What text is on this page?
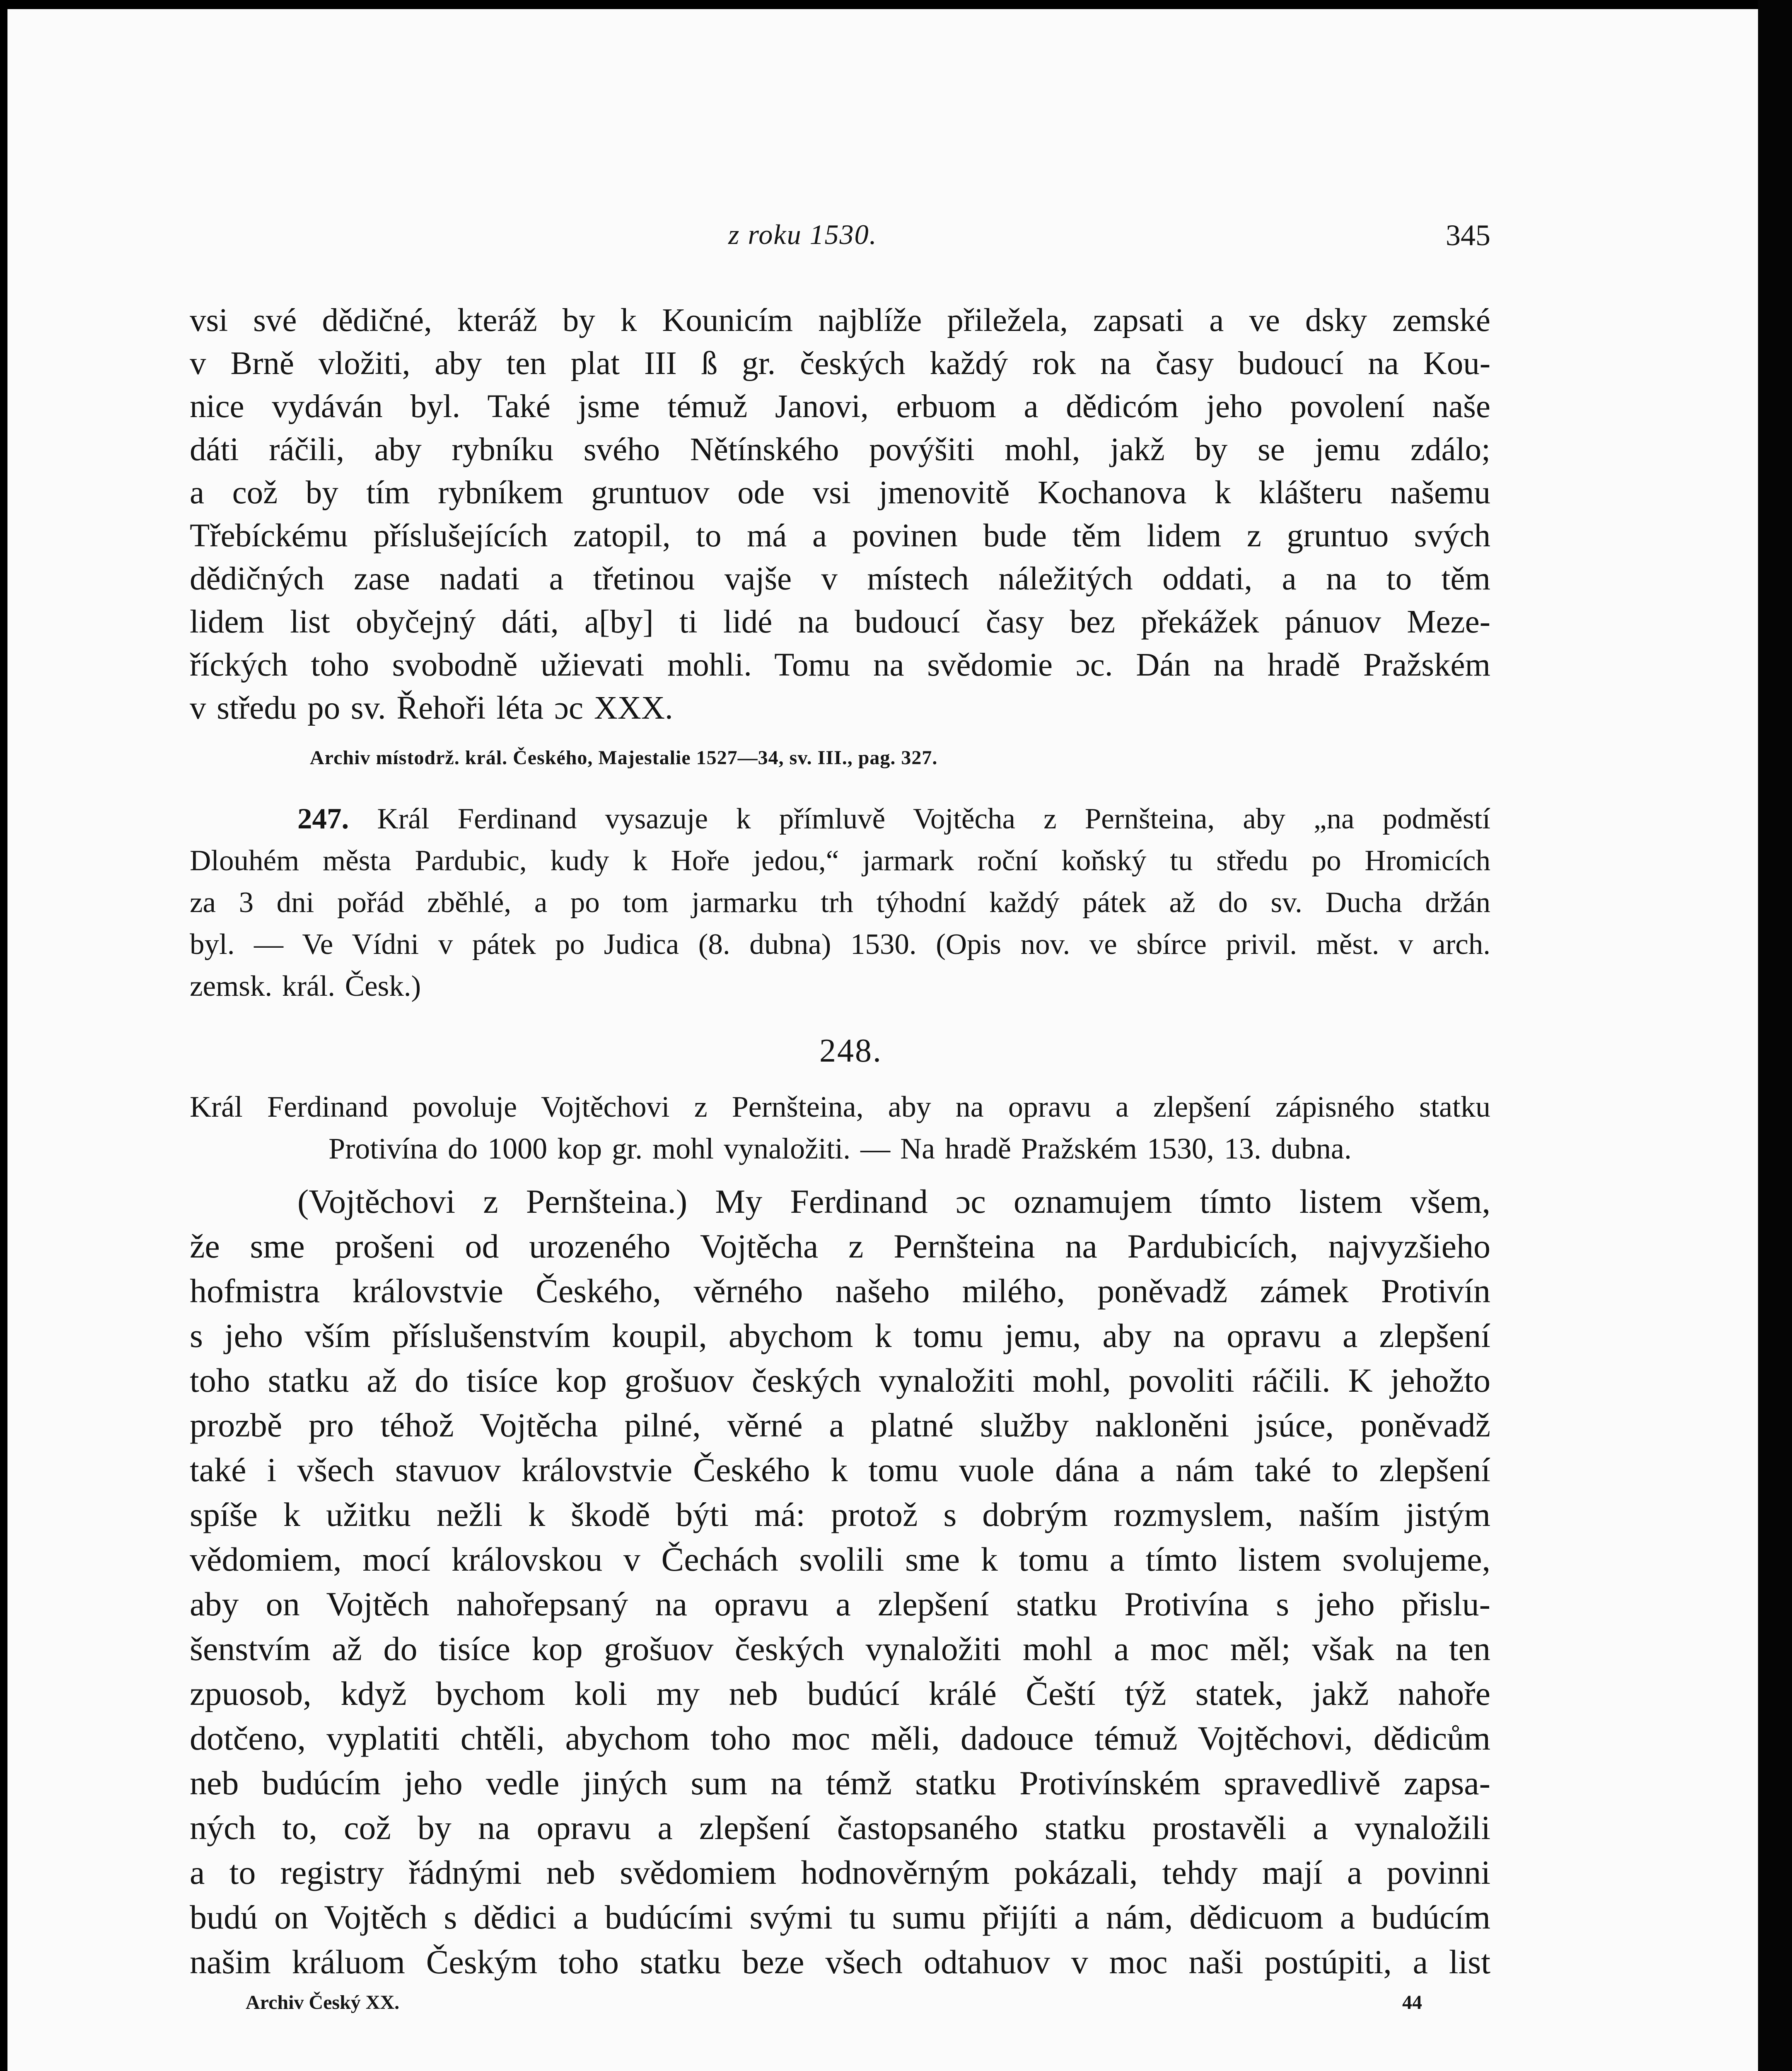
z roku 1530.	345
vsi své dědičné, kteráž by k Kounicím najblíže přiležela, zapsati a ve dsky zemské
v Brně vložiti, aby ten plat III ß gr. českých každý rok na časy budoucí na Kou-
nice vydáván byl. Také jsme témuž Janovi, erbuom a dědicóm jeho povolení naše
dáti ráčili, aby rybníku svého Nětínského povýšiti mohl, jakž by se jemu zdálo;
a což by tím rybníkem gruntuov ode vsi jmenovitě Kochanova k klášteru našemu
Třebíckému příslušejících zatopil, to má a povinen bude těm lidem z gruntuo svých
dědičných zase nadati a třetinou vajše v místech náležitých oddati, a na to těm
lidem list obyčejný dáti, a[by] ti lidé na budoucí časy bez překážek pánuov Meze-
říckých toho svobodně užievati mohli. Tomu na svědomie ɔc. Dán na hradě Pražském
v středu po sv. Řehoři léta ɔc XXX.
Archiv místodrž. král. Českého, Majestalie 1527—34, sv. III., pag. 327.
247. Král Ferdinand vysazuje k přímluvě Vojtěcha z Pernšteina, aby „na podměstí
Dlouhém města Pardubic, kudy k Hoře jedou,“ jarmark roční koňský tu středu po Hromicích
za 3 dni pořád zběhlé, a po tom jarmarku trh týhodní každý pátek až do sv. Ducha držán
byl. — Ve Vídni v pátek po Judica (8. dubna) 1530. (Opis nov. ve sbírce privil. měst. v arch.
zemsk. král. Česk.)
248.
Král Ferdinand povoluje Vojtěchovi z Pernšteina, aby na opravu a zlepšení zápisného statku
Protivína do 1000 kop gr. mohl vynaložiti. — Na hradě Pražském 1530, 13. dubna.
(Vojtěchovi z Pernšteina.) My Ferdinand ɔc oznamujem tímto listem všem,
že sme prošeni od urozeného Vojtěcha z Pernšteina na Pardubicích, najvyzšieho
hofmistra královstvie Českého, věrného našeho milého, poněvadž zámek Protivín
s jeho vším příslušenstvím koupil, abychom k tomu jemu, aby na opravu a zlepšení
toho statku až do tisíce kop grošuov českých vynaložiti mohl, povoliti ráčili. K jehožto
prozbě pro téhož Vojtěcha pilné, věrné a platné služby nakloněni jsúce, poněvadž
také i všech stavuov královstvie Českého k tomu vuole dána a nám také to zlepšení
spíše k užitku nežli k škodě býti má: protož s dobrým rozmyslem, naším jistým
vědomiem, mocí královskou v Čechách svolili sme k tomu a tímto listem svolujeme,
aby on Vojtěch nahořepsaný na opravu a zlepšení statku Protivína s jeho přislu-
šenstvím až do tisíce kop grošuov českých vynaložiti mohl a moc měl; však na ten
zpuosob, když bychom koli my neb budúcí králé Čeští týž statek, jakž nahoře
dotčeno, vyplatiti chtěli, abychom toho moc měli, dadouce témuž Vojtěchovi, dědicům
neb budúcím jeho vedle jiných sum na témž statku Protivínském spravedlivě zapsa-
ných to, což by na opravu a zlepšení častopsaného statku prostavěli a vynaložili
a to registry řádnými neb svědomiem hodnověrným pokázali, tehdy mají a povinni
budú on Vojtěch s dědici a budúcími svými tu sumu přijíti a nám, dědicuom a budúcím
našim králuom Českým toho statku beze všech odtahuov v moc naši postúpiti, a list
Archiv Český XX.	44
